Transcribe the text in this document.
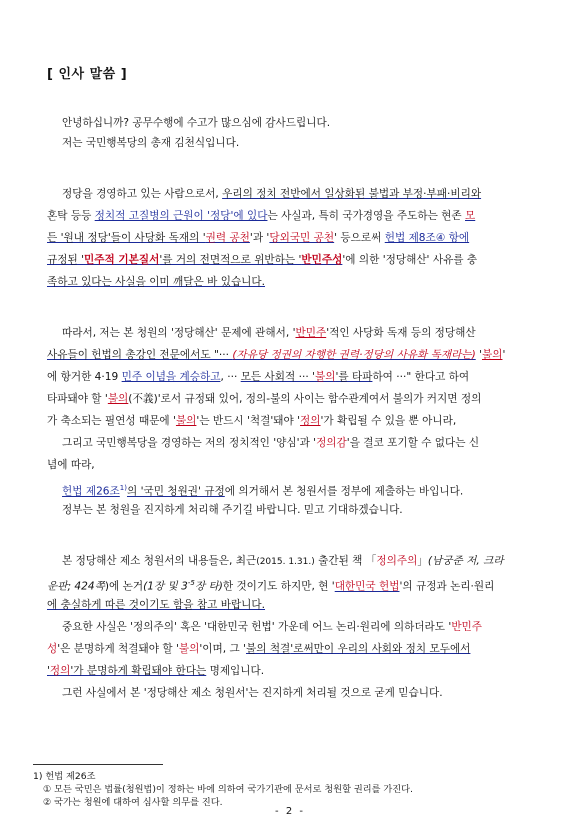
[ 인사 말씀 ]
안녕하십니까? 공무수행에 수고가 많으심에 감사드립니다.
저는 국민행복당의 총재 김천식입니다.
정당을 경영하고 있는 사람으로서, 우리의 정치 전반에서 일상화된 불법과 부정·부패·비리와
혼탁 등등 정치적 고질병의 근원이 '정당'에 있다는 사실과, 특히 국가경영을 주도하는 현존 모
든 '원내 정당'들이 사당화 독재의 '권력 공천'과 '당외국민 공천' 등으로써 헌법 제8조④ 항에
규정된 '민주적 기본질서'를 거의 전면적으로 위반하는 '반민주성'에 의한 '정당해산' 사유를 충
족하고 있다는 사실을 이미 깨달은 바 있습니다.
따라서, 저는 본 청원의 '정당해산' 문제에 관해서, '반민주'적인 사당화 독재 등의 정당해산
사유들이 헌법의 총강인 전문에서도 "··· (자유당 정권의 자행한 권력·정당의 사유화 독재라는) '불의'
에 항거한 4·19 민주 이념을 계승하고, ··· 모든 사회적 ··· '불의'를 타파하여 ···" 한다고 하여
타파돼야 할 '불의(不義)'로서 규정돼 있어, 정의-불의 사이는 함수관계여서 불의가 커지면 정의
가 축소되는 필연성 때문에 '불의'는 반드시 '척결'돼야 '정의'가 확립될 수 있을 뿐 아니라,
그리고 국민행복당을 경영하는 저의 정치적인 '양심'과 '정의감'을 결코 포기할 수 없다는 신
념에 따라,
헌법 제26조$^{1)}$의 '국민 청원권' 규정에 의거해서 본 청원서를 정부에 제출하는 바입니다.
정부는 본 청원을 진지하게 처리해 주기길 바랍니다. 믿고 기대하겠습니다.
본 정당해산 제소 청원서의 내용들은, 최근(2015. 1.31.) 출간된 책 「정의주의」(남궁준 저, 크라
운판; 424쪽)에 논거(1장 및 $3^{-5}$장 타)한 것이기도 하지만, 현 '대한민국 헌법'의 규정과 논리·원리
에 충실하게 따른 것이기도 함을 참고 바랍니다.
중요한 사실은 '정의주의' 혹은 '대한민국 헌법' 가운데 어느 논리·원리에 의하더라도 '반민주
성'은 분명하게 척결돼야 할 '불의'이며, 그 '불의 척결'로써만이 우리의 사회와 정치 모두에서
'정의'가 분명하게 확립돼야 한다는 명제입니다.
그런 사실에서 본 '정당해산 제소 청원서'는 진지하게 처리될 것으로 굳게 믿습니다.
1) 헌법 제26조
① 모든 국민은 법률(청원법)이 정하는 바에 의하여 국가기관에 문서로 청원할 권리를 가진다.
② 국가는 청원에 대하여 심사할 의무를 진다.
- 2 -
